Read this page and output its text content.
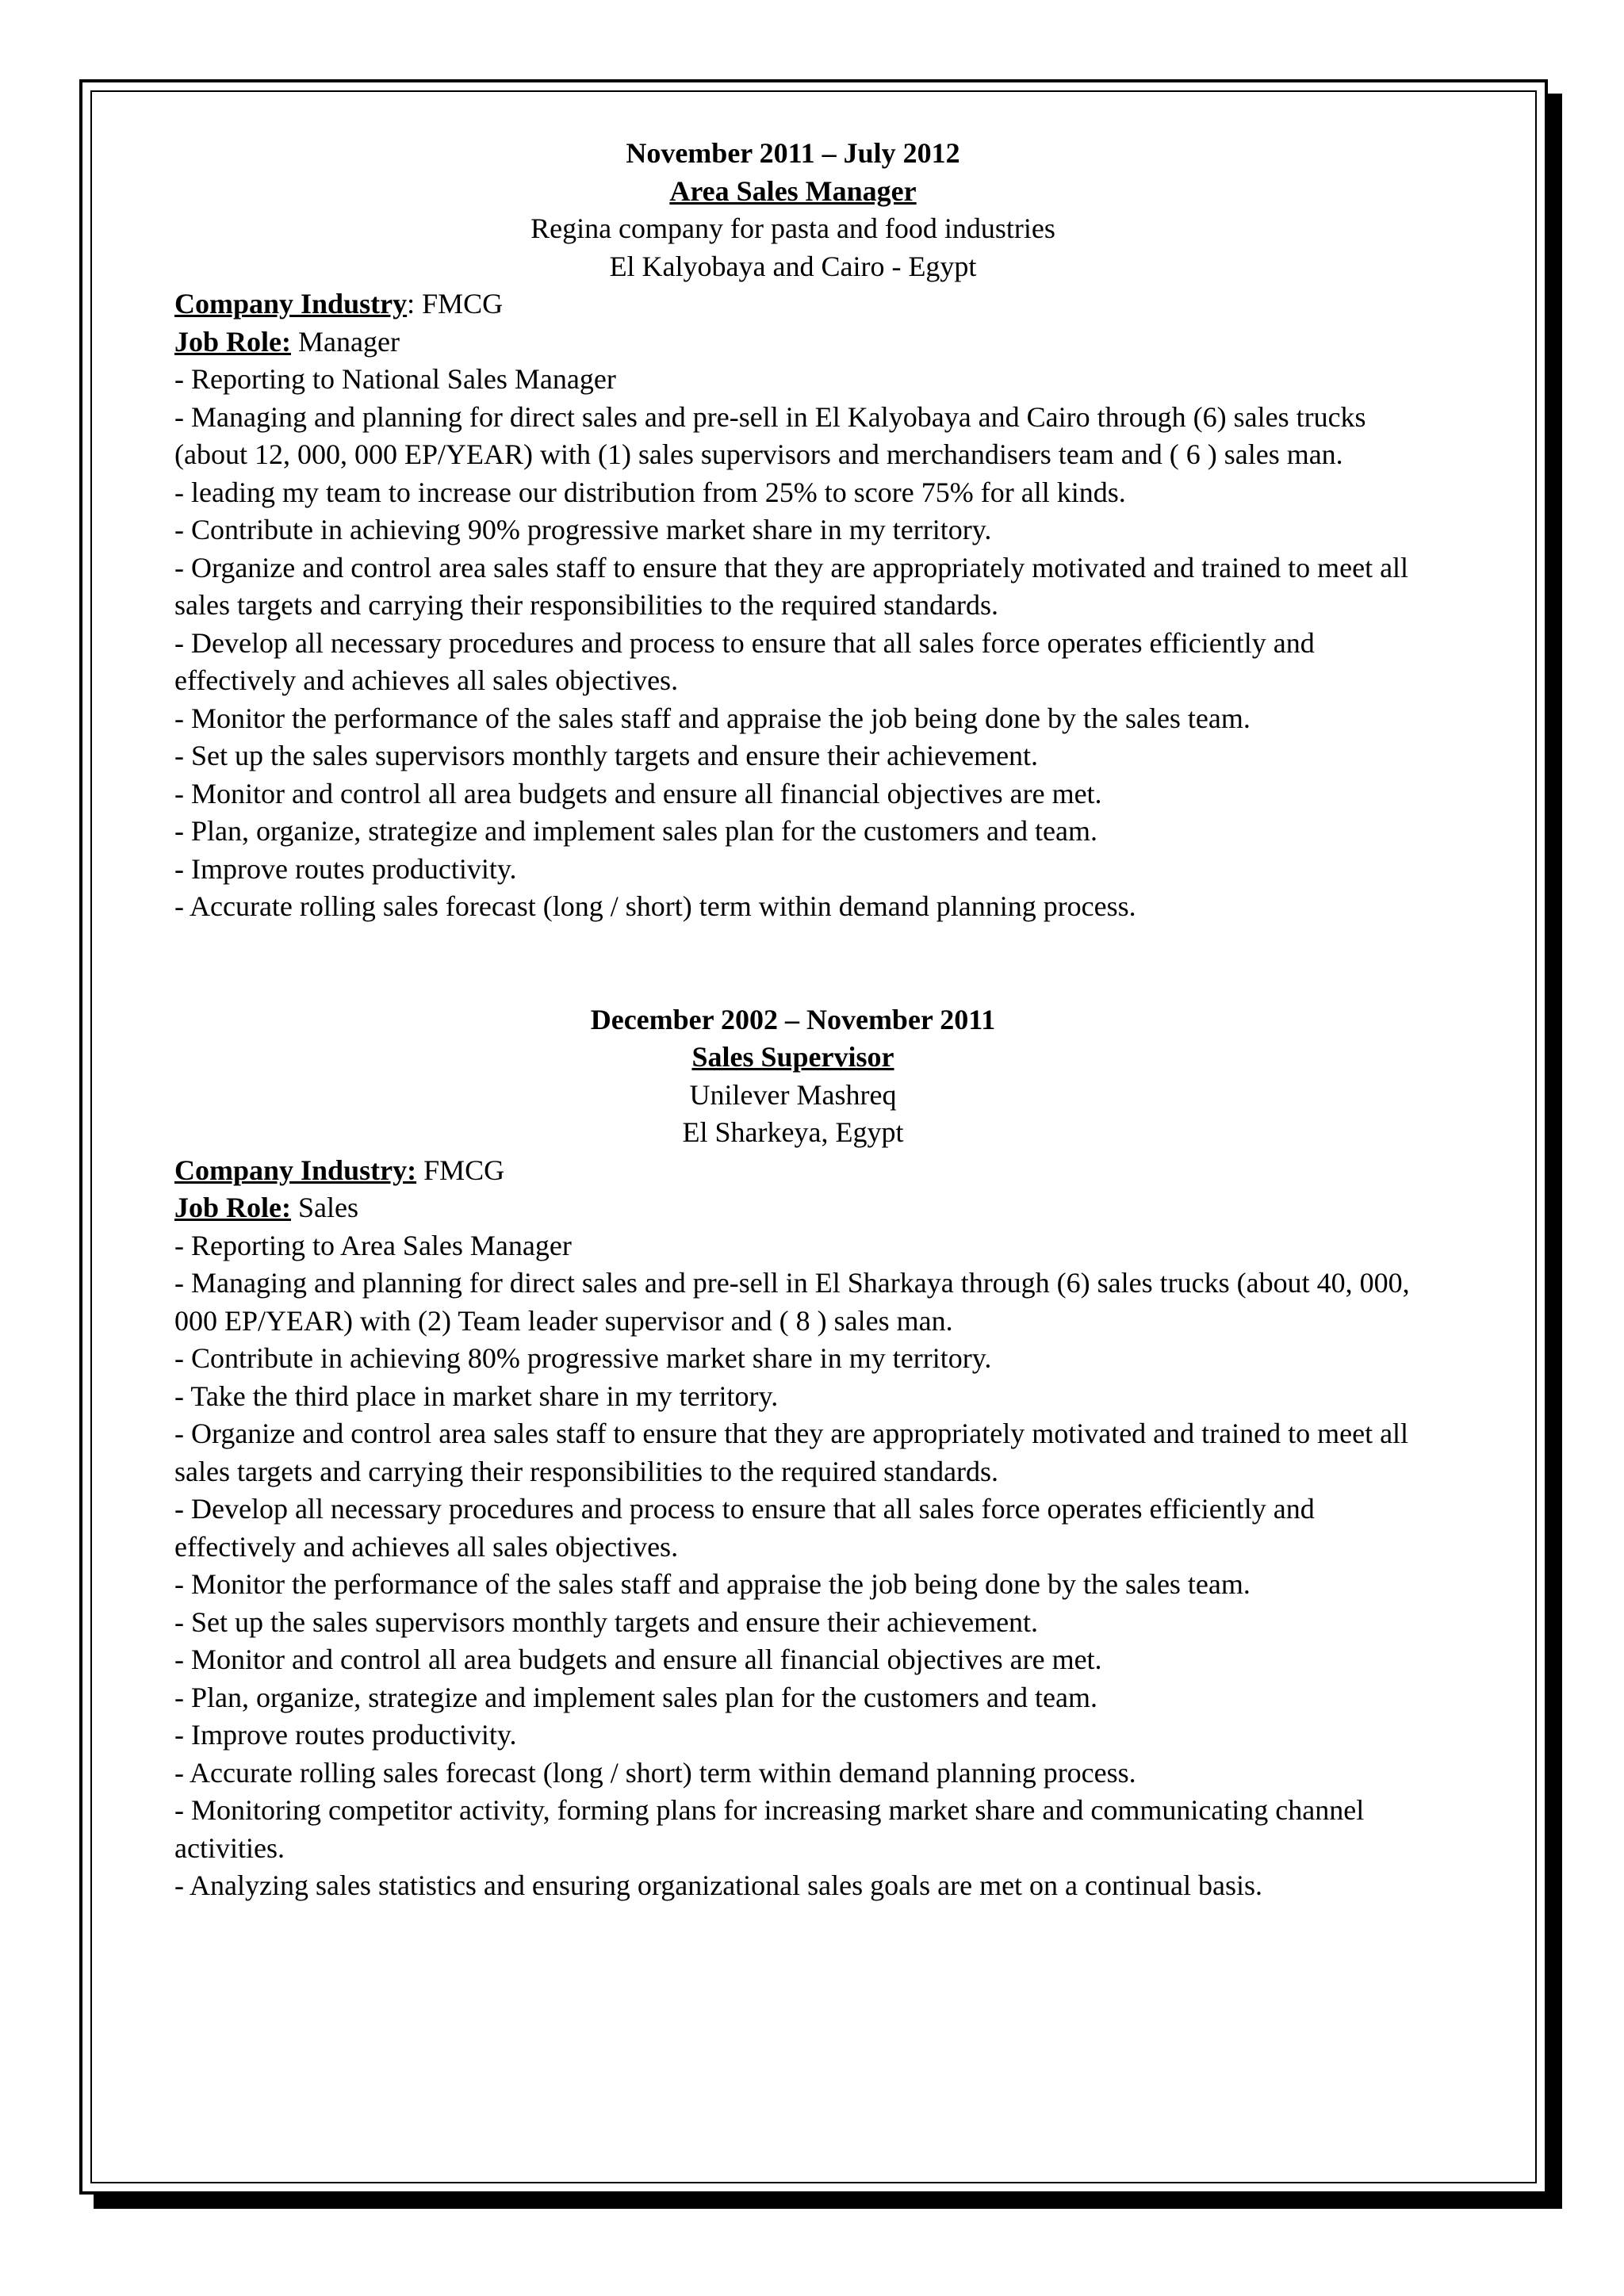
November 2011 – July 2012
Area Sales Manager
Regina company for pasta and food industries
El Kalyobaya and Cairo - Egypt
Company Industry: FMCG
Job Role: Manager
- Reporting to National Sales Manager
- Managing and planning for direct sales and pre-sell in El Kalyobaya and Cairo through (6) sales trucks (about 12, 000, 000 EP/YEAR) with (1) sales supervisors and merchandisers team and ( 6 ) sales man.
- leading my team to increase our distribution from 25% to score 75% for all kinds.
- Contribute in achieving 90% progressive market share in my territory.
- Organize and control area sales staff to ensure that they are appropriately motivated and trained to meet all sales targets and carrying their responsibilities to the required standards.
- Develop all necessary procedures and process to ensure that all sales force operates efficiently and effectively and achieves all sales objectives.
- Monitor the performance of the sales staff and appraise the job being done by the sales team.
- Set up the sales supervisors monthly targets and ensure their achievement.
- Monitor and control all area budgets and ensure all financial objectives are met.
- Plan, organize, strategize and implement sales plan for the customers and team.
- Improve routes productivity.
- Accurate rolling sales forecast (long / short) term within demand planning process.
December 2002 – November 2011
Sales Supervisor
Unilever Mashreq
El Sharkeya, Egypt
Company Industry: FMCG
Job Role: Sales
- Reporting to Area Sales Manager
- Managing and planning for direct sales and pre-sell in El Sharkaya through (6) sales trucks (about 40, 000, 000 EP/YEAR) with (2) Team leader supervisor and ( 8 ) sales man.
- Contribute in achieving 80% progressive market share in my territory.
- Take the third place in market share in my territory.
- Organize and control area sales staff to ensure that they are appropriately motivated and trained to meet all sales targets and carrying their responsibilities to the required standards.
- Develop all necessary procedures and process to ensure that all sales force operates efficiently and effectively and achieves all sales objectives.
- Monitor the performance of the sales staff and appraise the job being done by the sales team.
- Set up the sales supervisors monthly targets and ensure their achievement.
- Monitor and control all area budgets and ensure all financial objectives are met.
- Plan, organize, strategize and implement sales plan for the customers and team.
- Improve routes productivity.
- Accurate rolling sales forecast (long / short) term within demand planning process.
- Monitoring competitor activity, forming plans for increasing market share and communicating channel activities.
- Analyzing sales statistics and ensuring organizational sales goals are met on a continual basis.
